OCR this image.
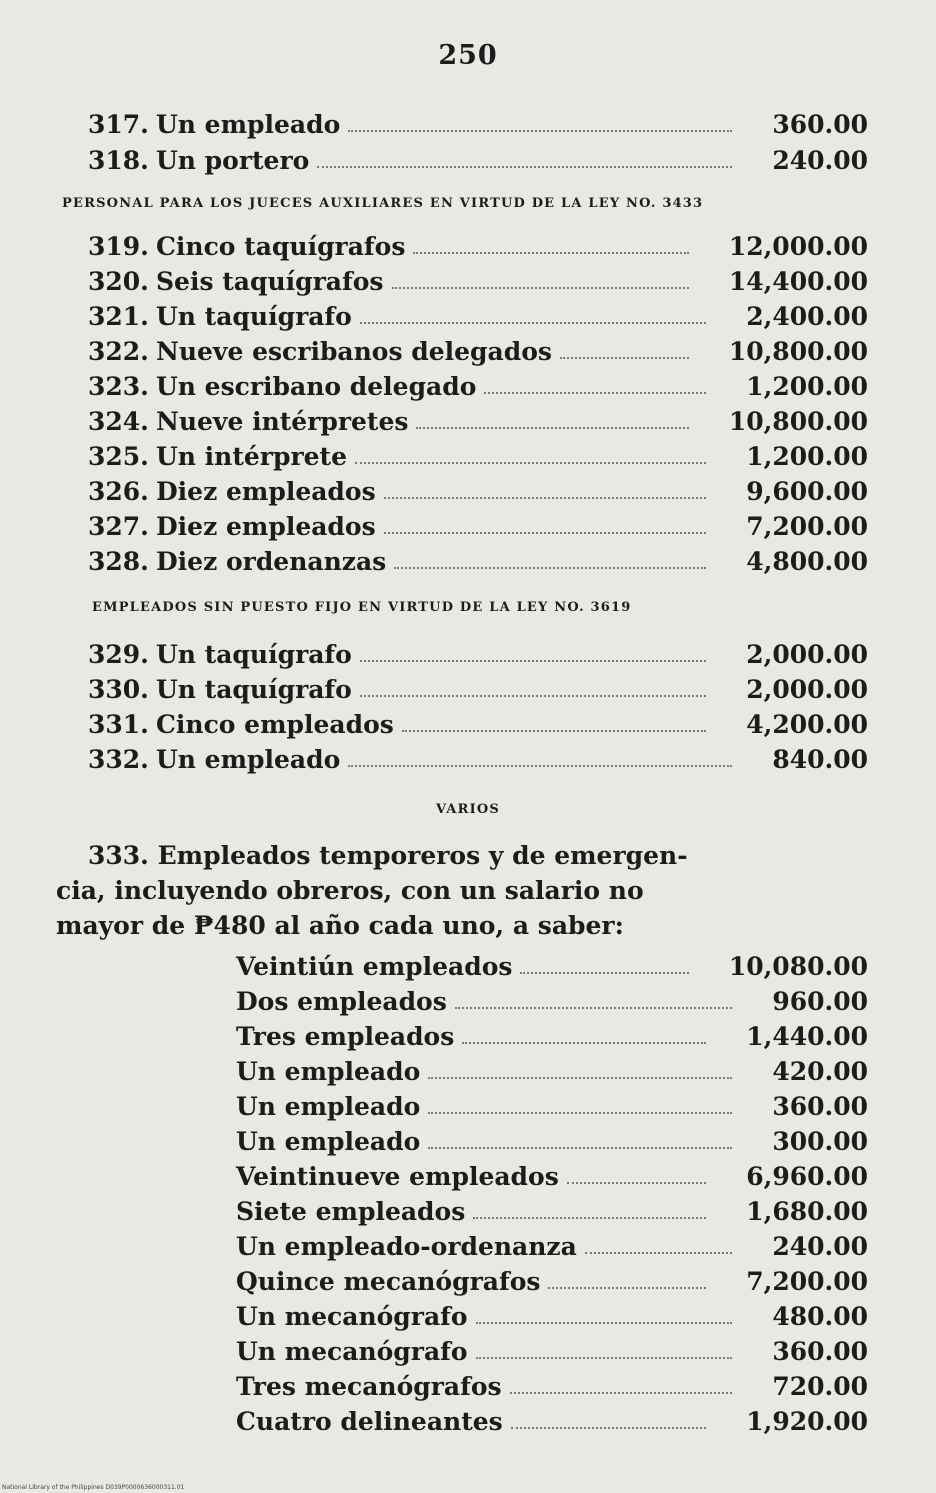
250
317. Un empleado	360.00
318. Un portero	240.00
PERSONAL PARA LOS JUECES AUXILIARES EN VIRTUD DE LA LEY NO. 3433
319. Cinco taquígrafos	12,000.00
320. Seis taquígrafos	14,400.00
321. Un taquígrafo	2,400.00
322. Nueve escribanos delegados	10,800.00
323. Un escribano delegado	1,200.00
324. Nueve intérpretes	10,800.00
325. Un intérprete	1,200.00
326. Diez empleados	9,600.00
327. Diez empleados	7,200.00
328. Diez ordenanzas	4,800.00
EMPLEADOS SIN PUESTO FIJO EN VIRTUD DE LA LEY NO. 3619
329. Un taquígrafo	2,000.00
330. Un taquígrafo	2,000.00
331. Cinco empleados	4,200.00
332. Un empleado	840.00
VARIOS
333. Empleados temporeros y de emergen-
cia, incluyendo obreros, con un salario no
mayor de ₱480 al año cada uno, a saber:
Veintiún empleados	10,080.00
Dos empleados	960.00
Tres empleados	1,440.00
Un empleado	420.00
Un empleado	360.00
Un empleado	300.00
Veintinueve empleados	6,960.00
Siete empleados	1,680.00
Un empleado-ordenanza	240.00
Quince mecanógrafos	7,200.00
Un mecanógrafo	480.00
Un mecanógrafo	360.00
Tres mecanógrafos	720.00
Cuatro delineantes	1,920.00
National Library of the Philippines D039P0000636000311.01
